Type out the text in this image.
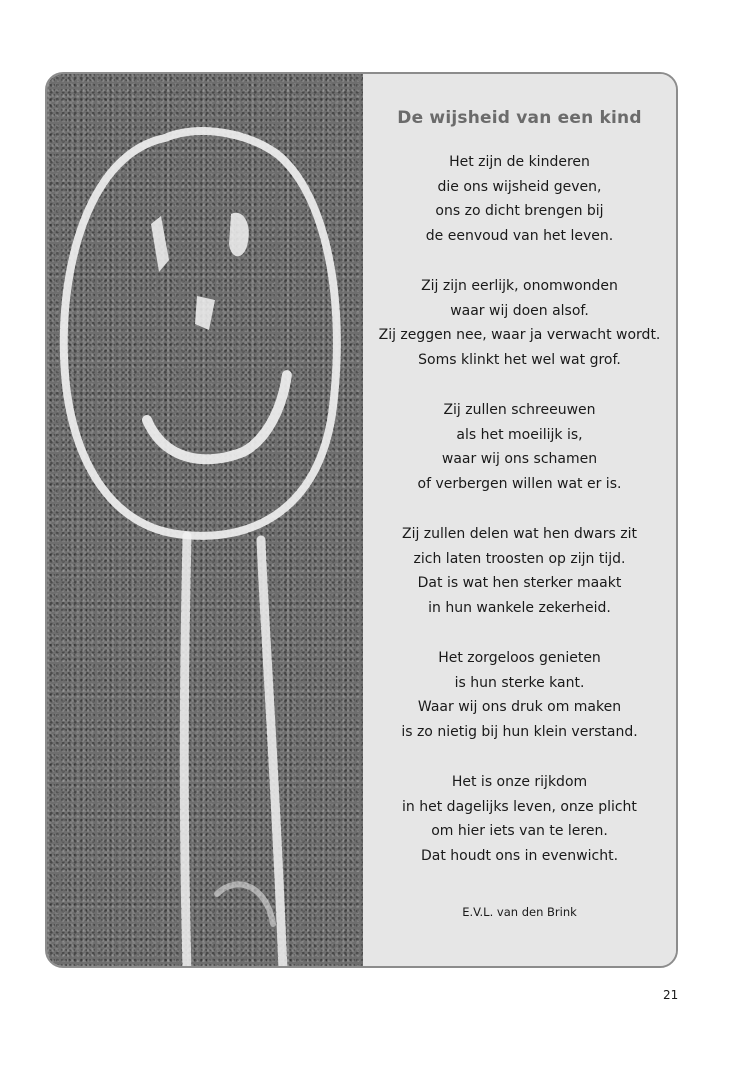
De wijsheid van een kind
Het zijn de kinderen
die ons wijsheid geven,
ons zo dicht brengen bij
de eenvoud van het leven.
Zij zijn eerlijk, onomwonden
waar wij doen alsof.
Zij zeggen nee, waar ja verwacht wordt.
Soms klinkt het wel wat grof.
Zij zullen schreeuwen
als het moeilijk is,
waar wij ons schamen
of verbergen willen wat er is.
Zij zullen delen wat hen dwars zit
zich laten troosten op zijn tijd.
Dat is wat hen sterker maakt
in hun wankele zekerheid.
Het zorgeloos genieten
is hun sterke kant.
Waar wij ons druk om maken
is zo nietig bij hun klein verstand.
Het is onze rijkdom
in het dagelijks leven, onze plicht
om hier iets van te leren.
Dat houdt ons in evenwicht.
E.V.L. van den Brink
21
